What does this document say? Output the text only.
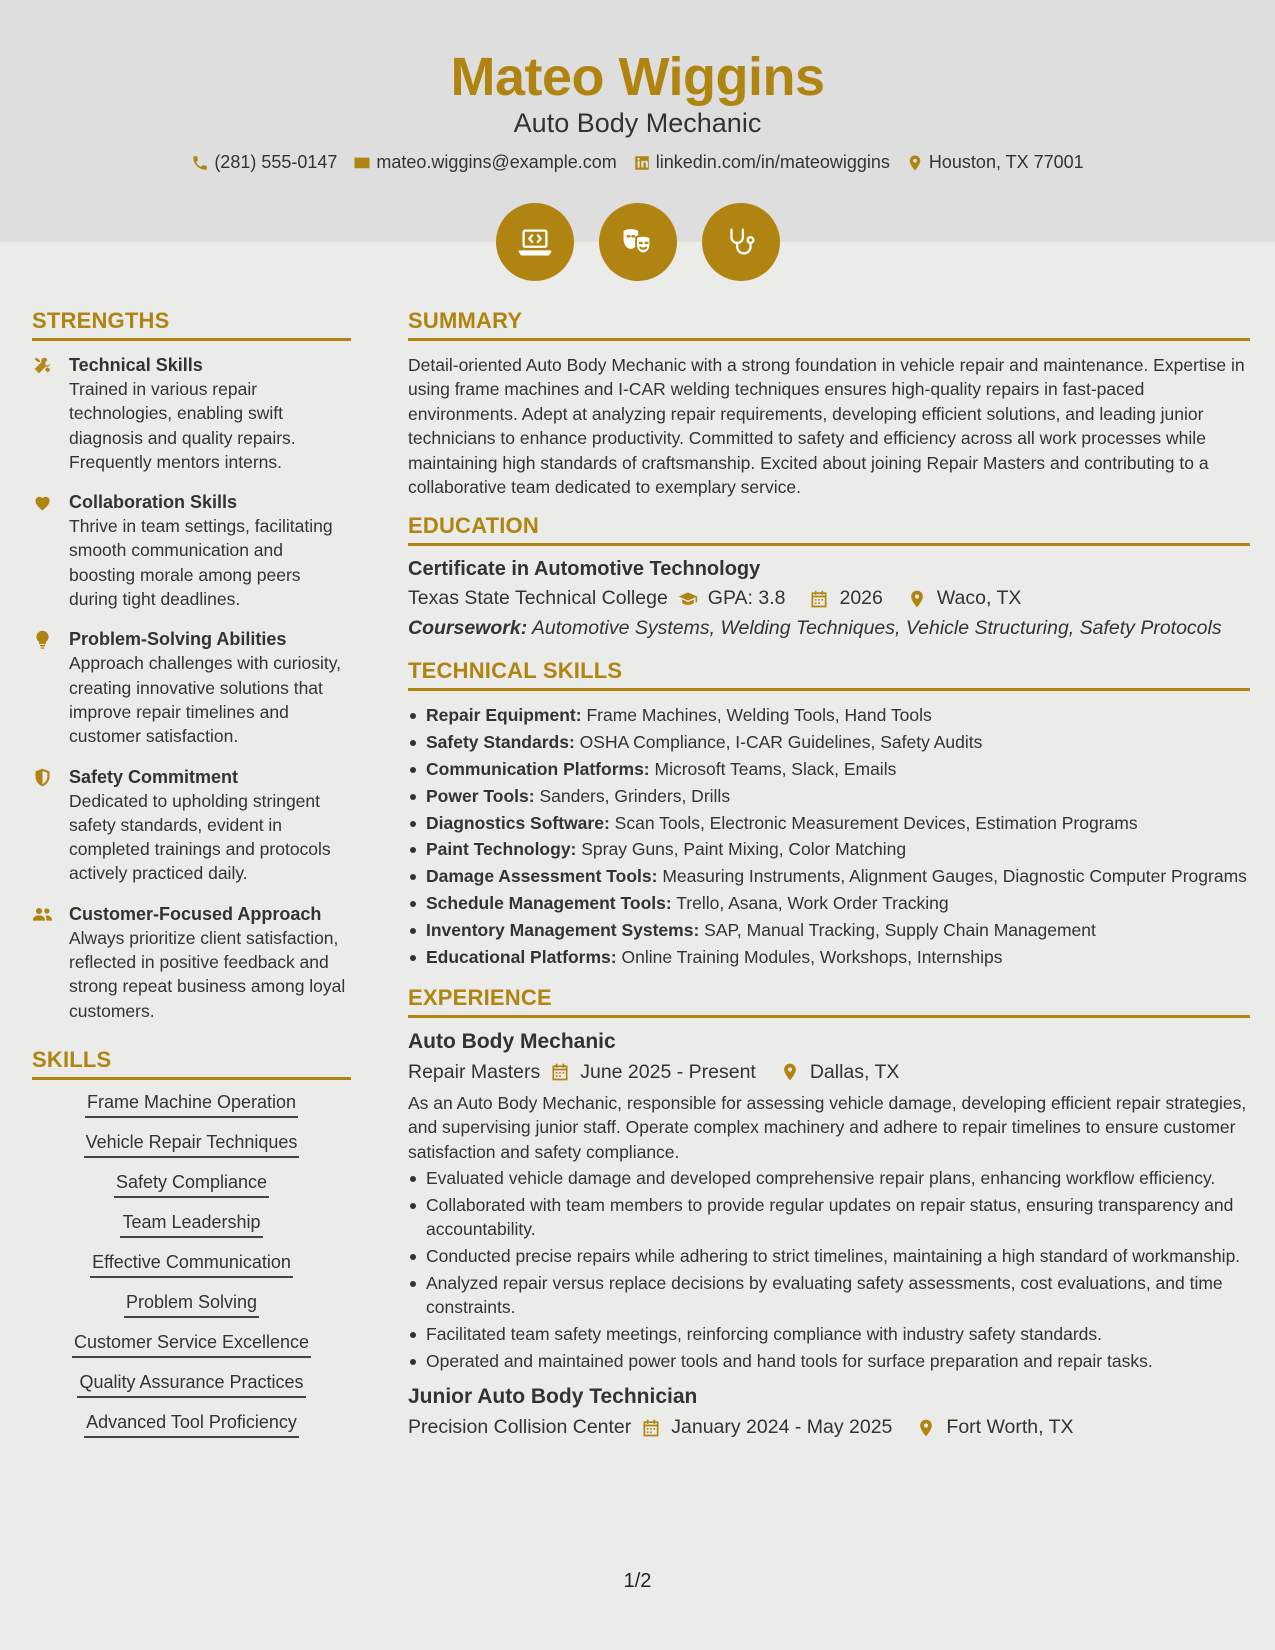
Mateo Wiggins
Auto Body Mechanic
(281) 555-0147 mateo.wiggins@example.com linkedin.com/in/mateowiggins Houston, TX 77001
STRENGTHS
Technical Skills
Trained in various repair technologies, enabling swift diagnosis and quality repairs. Frequently mentors interns.
Collaboration Skills
Thrive in team settings, facilitating smooth communication and boosting morale among peers during tight deadlines.
Problem-Solving Abilities
Approach challenges with curiosity, creating innovative solutions that improve repair timelines and customer satisfaction.
Safety Commitment
Dedicated to upholding stringent safety standards, evident in completed trainings and protocols actively practiced daily.
Customer-Focused Approach
Always prioritize client satisfaction, reflected in positive feedback and strong repeat business among loyal customers.
SKILLS
Frame Machine Operation
Vehicle Repair Techniques
Safety Compliance
Team Leadership
Effective Communication
Problem Solving
Customer Service Excellence
Quality Assurance Practices
Advanced Tool Proficiency
SUMMARY
Detail-oriented Auto Body Mechanic with a strong foundation in vehicle repair and maintenance. Expertise in using frame machines and I-CAR welding techniques ensures high-quality repairs in fast-paced environments. Adept at analyzing repair requirements, developing efficient solutions, and leading junior technicians to enhance productivity. Committed to safety and efficiency across all work processes while maintaining high standards of craftsmanship. Excited about joining Repair Masters and contributing to a collaborative team dedicated to exemplary service.
EDUCATION
Certificate in Automotive Technology
Texas State Technical College GPA: 3.8	2026	Waco, TX
Coursework: Automotive Systems, Welding Techniques, Vehicle Structuring, Safety Protocols
TECHNICAL SKILLS
Repair Equipment: Frame Machines, Welding Tools, Hand Tools
Safety Standards: OSHA Compliance, I-CAR Guidelines, Safety Audits
Communication Platforms: Microsoft Teams, Slack, Emails
Power Tools: Sanders, Grinders, Drills
Diagnostics Software: Scan Tools, Electronic Measurement Devices, Estimation Programs
Paint Technology: Spray Guns, Paint Mixing, Color Matching
Damage Assessment Tools: Measuring Instruments, Alignment Gauges, Diagnostic Computer Programs
Schedule Management Tools: Trello, Asana, Work Order Tracking
Inventory Management Systems: SAP, Manual Tracking, Supply Chain Management
Educational Platforms: Online Training Modules, Workshops, Internships
EXPERIENCE
Auto Body Mechanic
Repair Masters June 2025 - Present	Dallas, TX
As an Auto Body Mechanic, responsible for assessing vehicle damage, developing efficient repair strategies, and supervising junior staff. Operate complex machinery and adhere to repair timelines to ensure customer satisfaction and safety compliance.
Evaluated vehicle damage and developed comprehensive repair plans, enhancing workflow efficiency.
Collaborated with team members to provide regular updates on repair status, ensuring transparency and accountability.
Conducted precise repairs while adhering to strict timelines, maintaining a high standard of workmanship.
Analyzed repair versus replace decisions by evaluating safety assessments, cost evaluations, and time constraints.
Facilitated team safety meetings, reinforcing compliance with industry safety standards.
Operated and maintained power tools and hand tools for surface preparation and repair tasks.
Junior Auto Body Technician
Precision Collision Center January 2024 - May 2025	Fort Worth, TX
1/2
